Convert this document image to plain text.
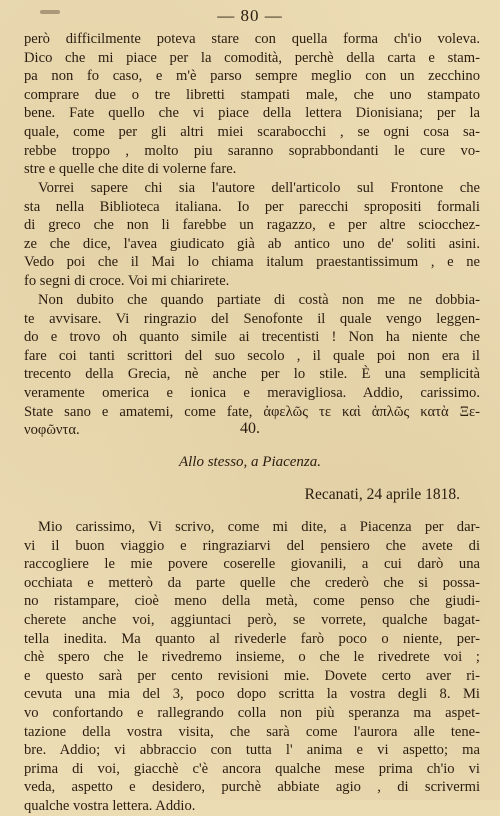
— 80 —
però difficilmente poteva stare con quella forma ch'io voleva.
Dico che mi piace per la comodità, perchè della carta e stam-
pa non fo caso, e m'è parso sempre meglio con un zecchino
comprare due o tre libretti stampati male, che uno stampato
bene. Fate quello che vi piace della lettera Dionisiana; per la
quale, come per gli altri miei scarabocchi , se ogni cosa sa-
rebbe troppo , molto piu saranno soprabbondanti le cure vo-
stre e quelle che dite di volerne fare.
Vorrei sapere chi sia l'autore dell'articolo sul Frontone che
sta nella Biblioteca italiana. Io per parecchi spropositi formali
di greco che non li farebbe un ragazzo, e per altre sciocchez-
ze che dice, l'avea giudicato già ab antico uno de' soliti asini.
Vedo poi che il Mai lo chiama italum praestantissimum , e ne
fo segni di croce. Voi mi chiarirete.
Non dubito che quando partiate di costà non me ne dobbia-
te avvisare. Vi ringrazio del Senofonte il quale vengo leggen-
do e trovo oh quanto simile ai trecentisti ! Non ha niente che
fare coi tanti scrittori del suo secolo , il quale poi non era il
trecento della Grecia, nè anche per lo stile. È una semplicità
veramente omerica e ionica e meravigliosa. Addio, carissimo.
State sano e amatemi, come fate, ἀφελῶς τε καὶ ἁπλῶς κατὰ Ξε-
νοφῶντα.	40.
Allo stesso, a Piacenza.
Recanati, 24 aprile 1818.
Mio carissimo, Vi scrivo, come mi dite, a Piacenza per dar-
vi il buon viaggio e ringraziarvi del pensiero che avete di
raccogliere le mie povere coserelle giovanili, a cui darò una
occhiata e metterò da parte quelle che crederò che si possa-
no ristampare, cioè meno della metà, come penso che giudi-
cherete anche voi, aggiuntaci però, se vorrete, qualche bagat-
tella inedita. Ma quanto al rivederle farò poco o niente, per-
chè spero che le rivedremo insieme, o che le rivedrete voi ;
e questo sarà per cento revisioni mie. Dovete certo aver ri-
cevuta una mia del 3, poco dopo scritta la vostra degli 8. Mi
vo confortando e rallegrando colla non più speranza ma aspet-
tazione della vostra visita, che sarà come l'aurora alle tene-
bre. Addio; vi abbraccio con tutta l' anima e vi aspetto; ma
prima di voi, giacchè c'è ancora qualche mese prima ch'io vi
veda, aspetto e desidero, purchè abbiate agio , di scrivermi
qualche vostra lettera. Addio.
